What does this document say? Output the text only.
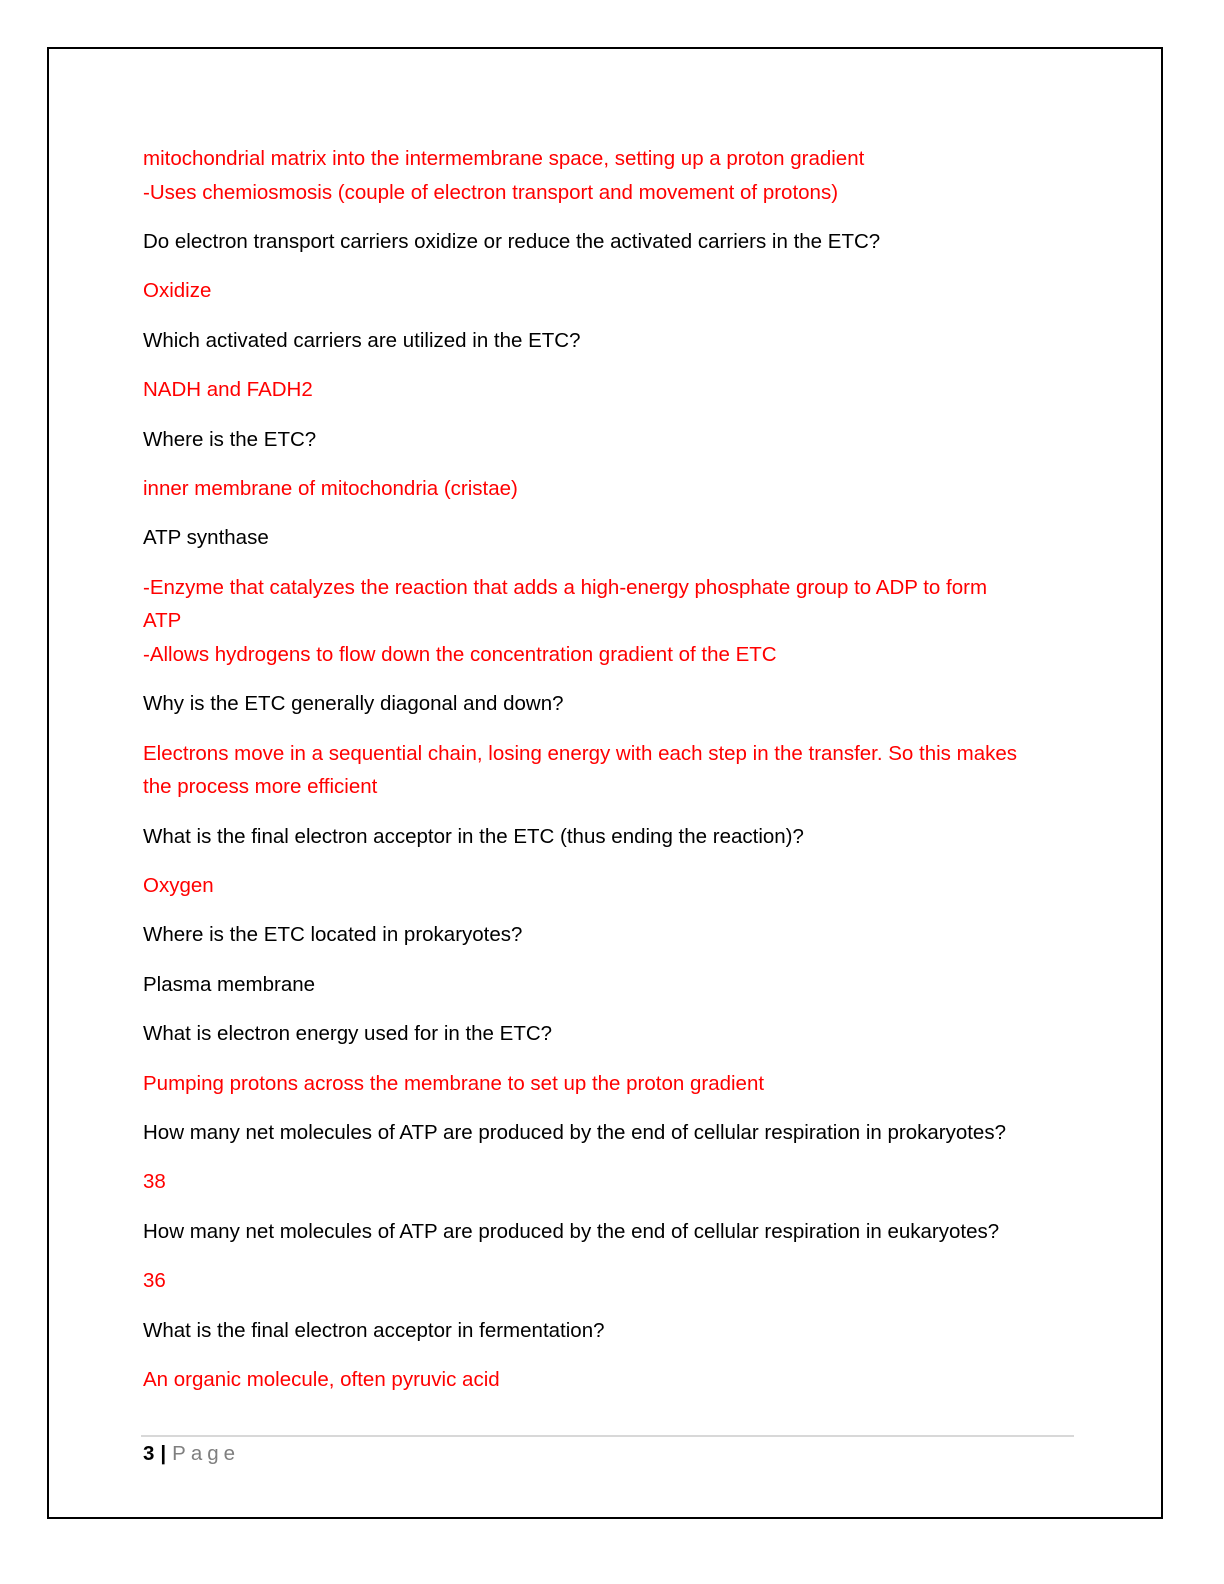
mitochondrial matrix into the intermembrane space, setting up a proton gradient

-Uses chemiosmosis (couple of electron transport and movement of protons)

Do electron transport carriers oxidize or reduce the activated carriers in the ETC?

Oxidize

Which activated carriers are utilized in the ETC?

NADH and FADH2

Where is the ETC?

inner membrane of mitochondria (cristae)

ATP synthase

-Enzyme that catalyzes the reaction that adds a high-energy phosphate group to ADP to form

ATP

-Allows hydrogens to flow down the concentration gradient of the ETC

Why is the ETC generally diagonal and down?

Electrons move in a sequential chain, losing energy with each step in the transfer. So this makes

the process more efficient

What is the final electron acceptor in the ETC (thus ending the reaction)?

Oxygen

Where is the ETC located in prokaryotes?

Plasma membrane

What is electron energy used for in the ETC?

Pumping protons across the membrane to set up the proton gradient

How many net molecules of ATP are produced by the end of cellular respiration in prokaryotes?

38

How many net molecules of ATP are produced by the end of cellular respiration in eukaryotes?

36

What is the final electron acceptor in fermentation?

An organic molecule, often pyruvic acid

3 | Page
